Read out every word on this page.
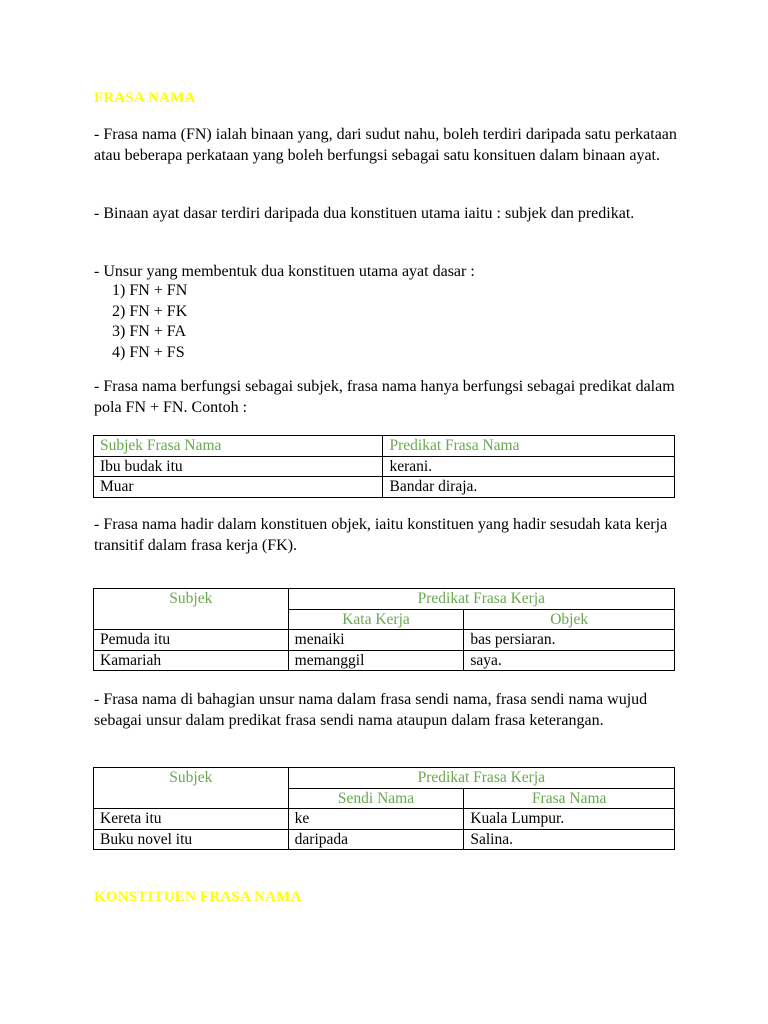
FRASA NAMA
- Frasa nama (FN) ialah binaan yang, dari sudut nahu, boleh terdiri daripada satu perkataan atau beberapa perkataan yang boleh berfungsi sebagai satu konsituen dalam binaan ayat.
- Binaan ayat dasar terdiri daripada dua konstituen utama iaitu : subjek dan predikat.
- Unsur yang membentuk dua konstituen utama ayat dasar :
1) FN + FN
2) FN + FK
3) FN + FA
4) FN + FS
- Frasa nama berfungsi sebagai subjek, frasa nama hanya berfungsi sebagai predikat dalam pola FN + FN. Contoh :
Subjek Frasa Nama	Predikat Frasa Nama
Ibu budak itu	kerani.
Muar	Bandar diraja.
- Frasa nama hadir dalam konstituen objek, iaitu konstituen yang hadir sesudah kata kerja transitif dalam frasa kerja (FK).
Subjek	Predikat Frasa Kerja	
	Kata Kerja	Objek
Pemuda itu	menaiki	bas persiaran.
Kamariah	memanggil	saya.
- Frasa nama di bahagian unsur nama dalam frasa sendi nama, frasa sendi nama wujud sebagai unsur dalam predikat frasa sendi nama ataupun dalam frasa keterangan.
Subjek	Predikat Frasa Kerja	
	Sendi Nama	Frasa Nama
Kereta itu	ke	Kuala Lumpur.
Buku novel itu	daripada	Salina.
KONSTITUEN FRASA NAMA
